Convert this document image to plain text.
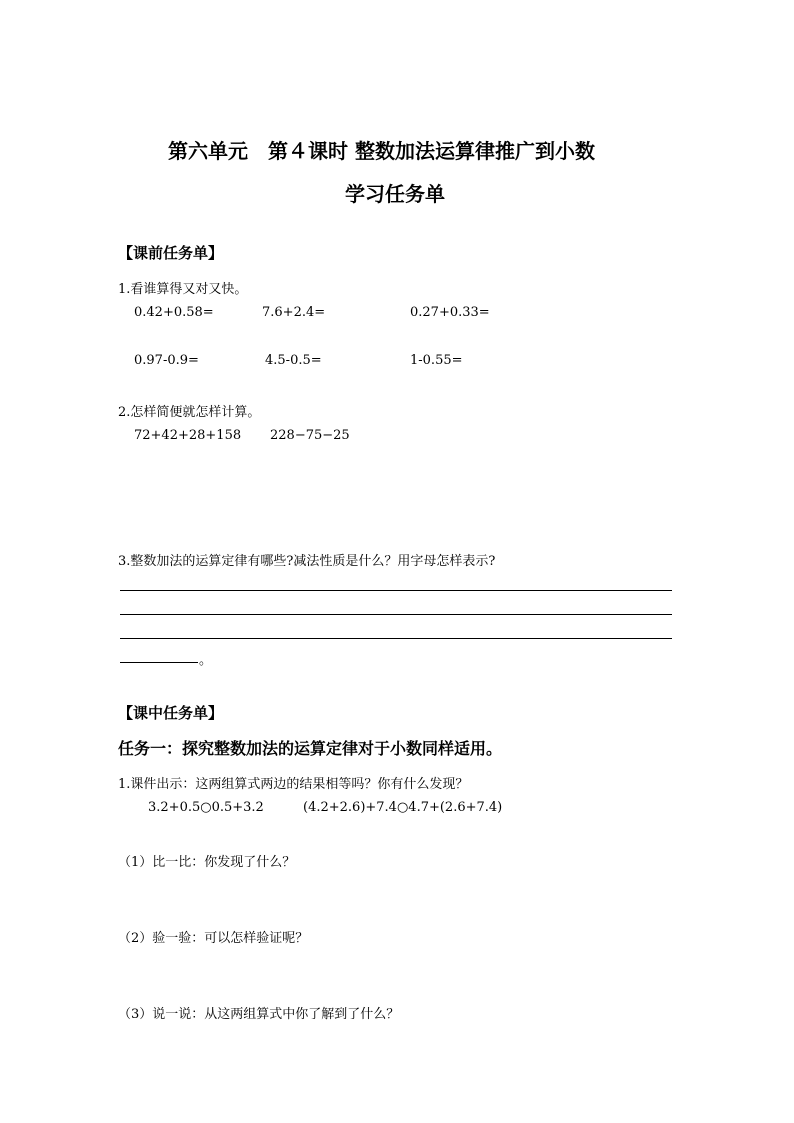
第六单元　第４课时 整数加法运算律推广到小数
学习任务单
【课前任务单】
1.看谁算得又对又快。
0.42+0.58=	7.6+2.4=	0.27+0.33=
0.97-0.9=	4.5-0.5=	1-0.55=
2.怎样简便就怎样计算。
72+42+28+158 228−75−25
3.整数加法的运算定律有哪些?减法性质是什么？用字母怎样表示?
。
【课中任务单】
任务一：探究整数加法的运算定律对于小数同样适用。
1.课件出示：这两组算式两边的结果相等吗？你有什么发现？
3.2+0.5○0.5+3.2	(4.2+2.6)+7.4○4.7+(2.6+7.4)
（1）比一比：你发现了什么？
（2）验一验：可以怎样验证呢？
（3）说一说：从这两组算式中你了解到了什么？
